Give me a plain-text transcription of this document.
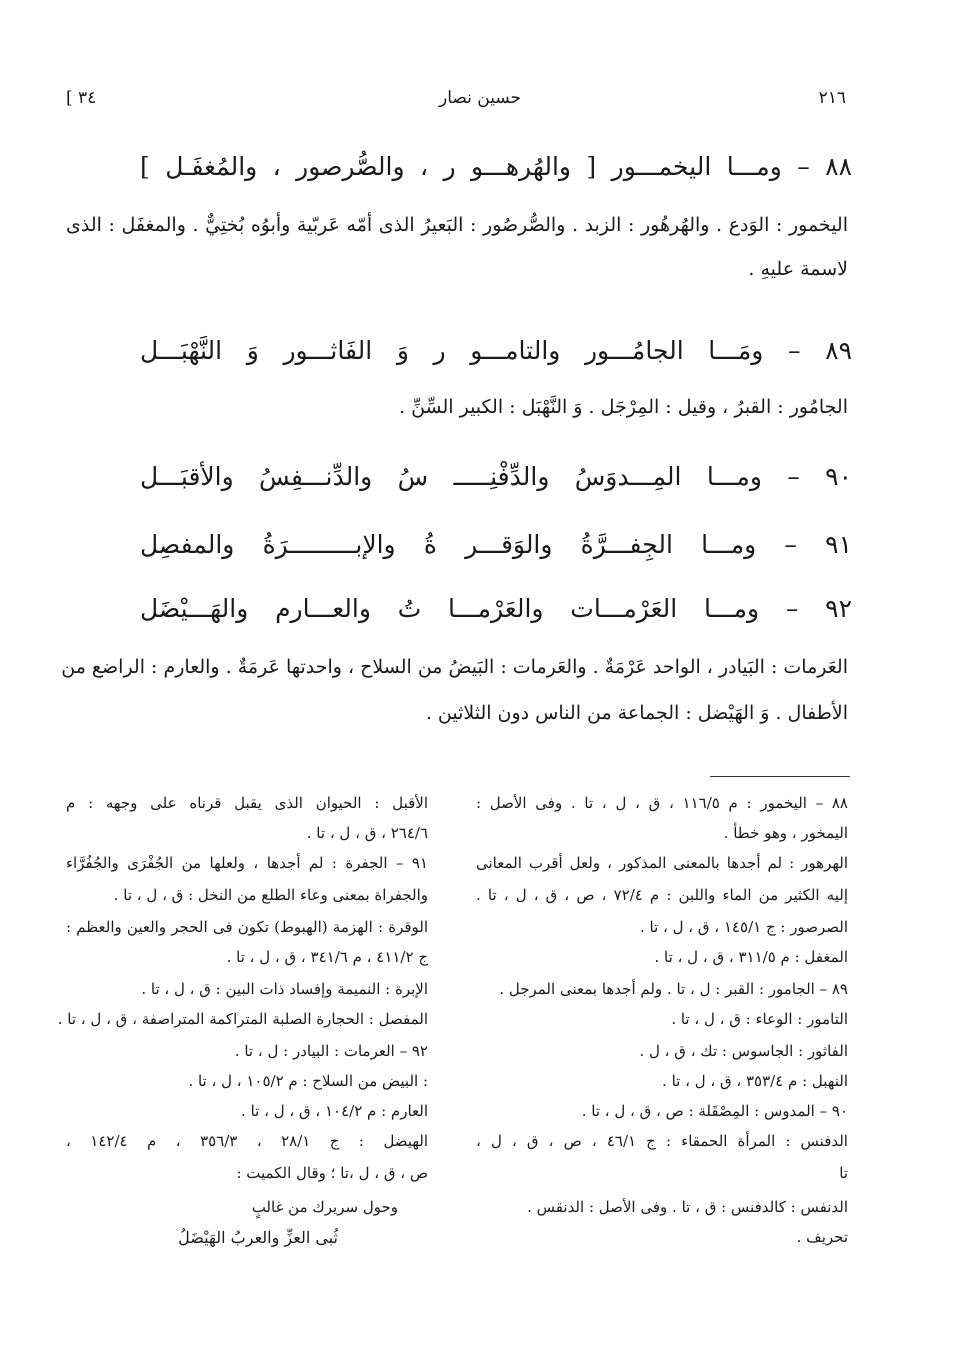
٢١٦
حسين نصار
[ ٣٤
٨٨ – ومـــا اليخمـــور [ والهُرهـــو ر ، والصُّرصور ، والمُغفَـل ]
اليخمور : الوَدع . والهُرهُور : الزبد . والصُّرصُور : البَعيرُ الذى أمّه عَربّية وأبوُه بُختِيٌّ . والمغفَل : الذى
لاسمة عليهِ .
٨٩ – ومَـــا الجامُـــور والتامـــو ر وَ الفَاثـــور وَ النَّهْبَـــل
الجامُور : القبرُ ، وقيل : المِرْجَل . وَ النَّهْبَل : الكبير السِّنِّ .
٩٠ – ومـــا المِـــدوَسُ والدِّفْنِـــــ سُ والدِّنـــفِسُ والأقبَـــل
٩١ – ومـــا الجِفـــرَّةُ والوَقـــر ةُ والإبـــــــــرَةُ والمفصِل
٩٢ – ومـــا العَرْمـــات والعَرْمـــا تُ والعـــارم والهَـــيْضَل
العَرمات : البَيادر ، الواحد عَرْمَةٌ . والعَرمات : البَيضُ من السلاح ، واحدتها عَرمَةٌ . والعارم : الراضع من
الأطفال . وَ الهَيْضل : الجماعة من الناس دون الثلاثين .
٨٨ – اليخمور : م ١١٦/٥ ، ق ، ل ، تا . وفى الأصل :
اليمخور ، وهو خطأ .
الهرهور : لم أجدها بالمعنى المذكور ، ولعل أقرب المعانى
إليه الكثير من الماء واللبن : م ٧٢/٤ ، ص ، ق ، ل ، تا .
الصرصور : ج ١٤٥/١ ، ق ، ل ، تا .
المغفل : م ٣١١/٥ ، ق ، ل ، تا .
٨٩ – الجامور : القبر : ل ، تا . ولم أجدها بمعنى المرجل .
التامور : الوعاء : ق ، ل ، تا .
الفاثور : الجاسوس : تك ، ق ، ل .
النهبل : م ٣٥٣/٤ ، ق ، ل ، تا .
٩٠ – المدوس : المِصْقَلة : ص ، ق ، ل ، تا .
الدفنس : المرأة الحمقاء : ج ٤٦/١ ، ص ، ق ، ل ،
تا
الدنفس : كالدفنس : ق ، تا . وفى الأصل : الدنقس .
تحريف .
الأقبل : الحيوان الذى يقبل قرناه على وجهه : م
٢٦٤/٦ ، ق ، ل ، تا .
٩١ – الجفرة : لم أجدها ، ولعلها من الجُفْرَى والجُفُرَّاء
والجفراة بمعنى وعاء الطلع من النخل : ق ، ل ، تا .
الوقرة : الهزمة (الهبوط) تكون فى الحجر والعين والعظم :
ج ٤١١/٢ ، م ٣٤١/٦ ، ق ، ل ، تا .
الإبرة : النميمة وإفساد ذات البين : ق ، ل ، تا .
المفصل : الحجارة الصلبة المتراكمة المتراصفة ، ق ، ل ، تا .
٩٢ – العرمات : البيادر : ل ، تا .
: البيض من السلاح : م ١٠٥/٢ ، ل ، تا .
العارم : م ١٠٤/٢ ، ق ، ل ، تا .
الهيضل : ج ٢٨/١ ، ٣٥٦/٣ ، م ١٤٢/٤ ،
ص ، ق ، ل ،تا ؛ وقال الكميت :
وحول سريرك من غالبٍ
ثُبى العزِّ والعربُ الهَيْضَلُ
